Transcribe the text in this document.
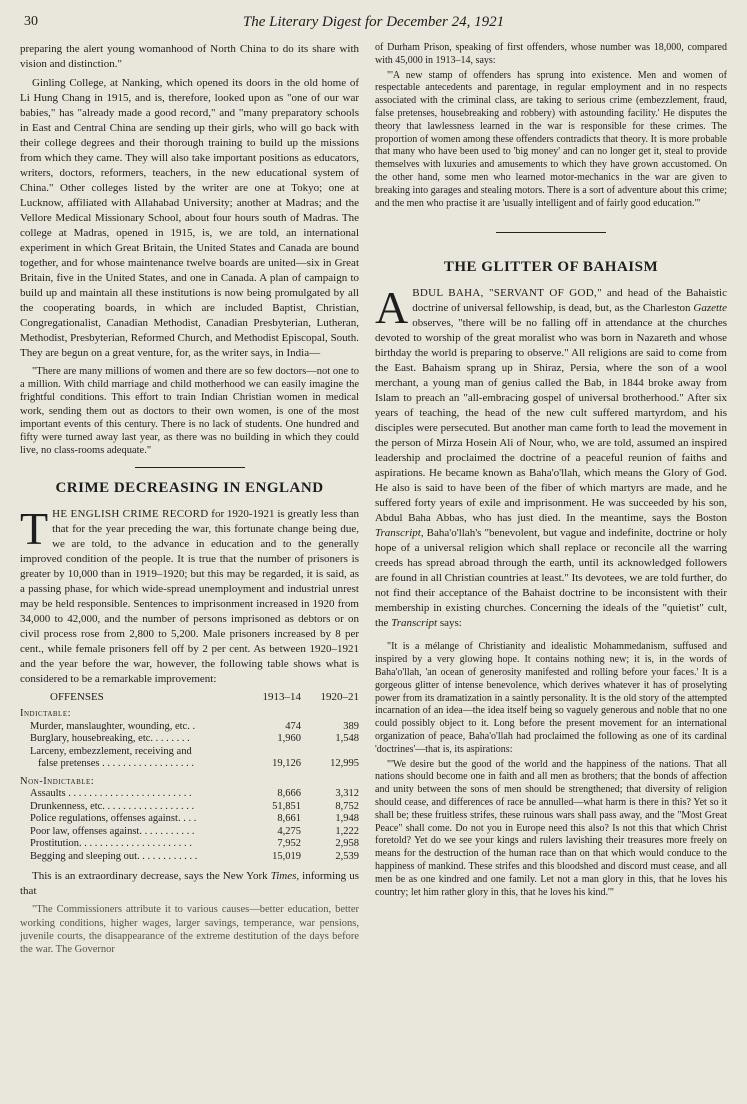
30	The Literary Digest for December 24, 1921

preparing the alert young womanhood of North China to do its share with vision and distinction."

Ginling College, at Nanking, which opened its doors in the old home of Li Hung Chang in 1915, and is, therefore, looked upon as "one of our war babies," has "already made a good record," and "many preparatory schools in East and Central China are sending up their girls, who will go back with their college degrees and their thorough training to build up the missions from which they came. They will also take important positions as educators, writers, doctors, reformers, teachers, in the new educational system of China." Other colleges listed by the writer are one at Tokyo; one at Lucknow, affiliated with Allahabad University; another at Madras; and the Vellore Medical Missionary School, about four hours south of Madras. The college at Madras, opened in 1915, is, we are told, an international experiment in which Great Britain, the United States and Canada are bound together, and for whose maintenance twelve boards are united—six in Great Britain, five in the United States, and one in Canada. A plan of campaign to build up and maintain all these institutions is now being promulgated by all the cooperating boards, in which are included Baptist, Christian, Congregationalist, Canadian Methodist, Canadian Presbyterian, Lutheran, Methodist, Presbyterian, Reformed Church, and Methodist Episcopal, South. They are begun on a great venture, for, as the writer says, in India—

"There are many millions of women and there are so few doctors—not one to a million. With child marriage and child motherhood we can easily imagine the frightful conditions. This effort to train Indian Christian women in medical work, sending them out as doctors to their own women, is one of the most important events of this century. There is no lack of students. One hundred and fifty were turned away last year, as there was no building in which they could live, no class-rooms adequate."

CRIME DECREASING IN ENGLAND

THE ENGLISH CRIME RECORD for 1920-1921 is greatly less than that for the year preceding the war, this fortunate change being due, we are told, to the advance in education and to the generally improved condition of the people. It is true that the number of prisoners is greater by 10,000 than in 1919–1920; but this may be regarded, it is said, as a passing phase, for which wide-spread unemployment and industrial unrest may be held responsible. Sentences to imprisonment increased in 1920 from 34,000 to 42,000, and the number of persons imprisoned as debtors or on civil process rose from 2,800 to 5,200. Male prisoners increased by 8 per cent., while female prisoners fell off by 2 per cent. As between 1920–1921 and the year before the war, however, the following table shows what is considered to be a remarkable improvement:

OFFENSES	1913–14	1920–21
Indictable:		
Murder, manslaughter, wounding, etc. .	474	389
Burglary, housebreaking, etc. . . . . . . .	1,960	1,548
Larceny, embezzlement, receiving and		
false pretenses . . . . . . . . . . . . . . . . . .	19,126	12,995
Non-Indictable:		
Assaults . . . . . . . . . . . . . . . . . . . . . . . .	8,666	3,312
Drunkenness, etc. . . . . . . . . . . . . . . . . .	51,851	8,752
Police regulations, offenses against. . . .	8,661	1,948
Poor law, offenses against. . . . . . . . . . .	4,275	1,222
Prostitution. . . . . . . . . . . . . . . . . . . . . .	7,952	2,958
Begging and sleeping out. . . . . . . . . . . .	15,019	2,539

This is an extraordinary decrease, says the New York Times, informing us that

"The Commissioners attribute it to various causes—better education, better working conditions, higher wages, larger savings, temperance, war pensions, juvenile courts, the disappearance of the extreme destitution of the days before the war. The Governor

of Durham Prison, speaking of first offenders, whose number was 18,000, compared with 45,000 in 1913–14, says:

"'A new stamp of offenders has sprung into existence. Men and women of respectable antecedents and parentage, in regular employment and in no respects associated with the criminal class, are taking to serious crime (embezzlement, fraud, false pretenses, housebreaking and robbery) with astounding facility.' He disputes the theory that lawlessness learned in the war is responsible for these crimes. The proportion of women among these offenders contradicts that theory. It is more probable that many who have been used to 'big money' and can no longer get it, steal to provide themselves with luxuries and amusements to which they have grown accustomed. On the other hand, some men who learned motor-mechanics in the war are given to breaking into garages and stealing motors. There is a sort of adventure about this crime; and the men who practise it are 'usually intelligent and of fairly good education.'"

THE GLITTER OF BAHAISM

ABDUL BAHA, "SERVANT OF GOD," and head of the Bahaistic doctrine of universal fellowship, is dead, but, as the Charleston Gazette observes, "there will be no falling off in attendance at the churches devoted to worship of the great moralist who was born in Nazareth and whose birthday the world is preparing to observe." All religions are said to come from the East. Bahaism sprang up in Shiraz, Persia, where the son of a wool merchant, a young man of genius called the Bab, in 1844 broke away from Islam to preach an "all-embracing gospel of universal brotherhood." After six years of teaching, the head of the new cult suffered martyrdom, and his disciples were persecuted. But another man came forth to lead the movement in the person of Mirza Hosein Ali of Nour, who, we are told, assumed an inspired leadership and proclaimed the doctrine of a peaceful reunion of faiths and aspirations. He became known as Baha'o'llah, which means the Glory of God. He also is said to have been of the fiber of which martyrs are made, and he suffered forty years of exile and imprisonment. He was succeeded by his son, Abdul Baha Abbas, who has just died. In the meantime, says the Boston Transcript, Baha'o'llah's "benevolent, but vague and indefinite, doctrine or holy hope of a universal religion which shall replace or reconcile all the warring creeds has spread abroad through the earth, until its acknowledged followers are found in all Christian countries at least." Its devotees, we are told further, do not find their acceptance of the Bahaist doctrine to be inconsistent with their membership in existing churches. Concerning the ideals of the "quietist" cult, the Transcript says:

"It is a mélange of Christianity and idealistic Mohammedanism, suffused and inspired by a very glowing hope. It contains nothing new; it is, in the words of Baha'o'llah, 'an ocean of generosity manifested and rolling before your faces.' It is a gorgeous glitter of intense benevolence, which derives whatever it has of proselyting power from its dramatization in a saintly personality. It is the old story of the attempted incarnation of an idea—the idea itself being so vaguely generous and noble that no one could possibly object to it. Long before the present movement for an international organization of peace, Baha'o'llah had proclaimed the following as one of its cardinal 'doctrines'—that is, its aspirations:

"'We desire but the good of the world and the happiness of the nations. That all nations should become one in faith and all men as brothers; that the bonds of affection and unity between the sons of men should be strengthened; that diversity of religion should cease, and differences of race be annulled—what harm is there in this? Yet so it shall be; these fruitless strifes, these ruinous wars shall pass away, and the "Most Great Peace" shall come. Do not you in Europe need this also? Is not this that which Christ foretold? Yet do we see your kings and rulers lavishing their treasures more freely on means for the destruction of the human race than on that which would conduce to the happiness of mankind. These strifes and this bloodshed and discord must cease, and all men be as one kindred and one family. Let not a man glory in this, that he loves his country; let him rather glory in this, that he loves his kind.'"
